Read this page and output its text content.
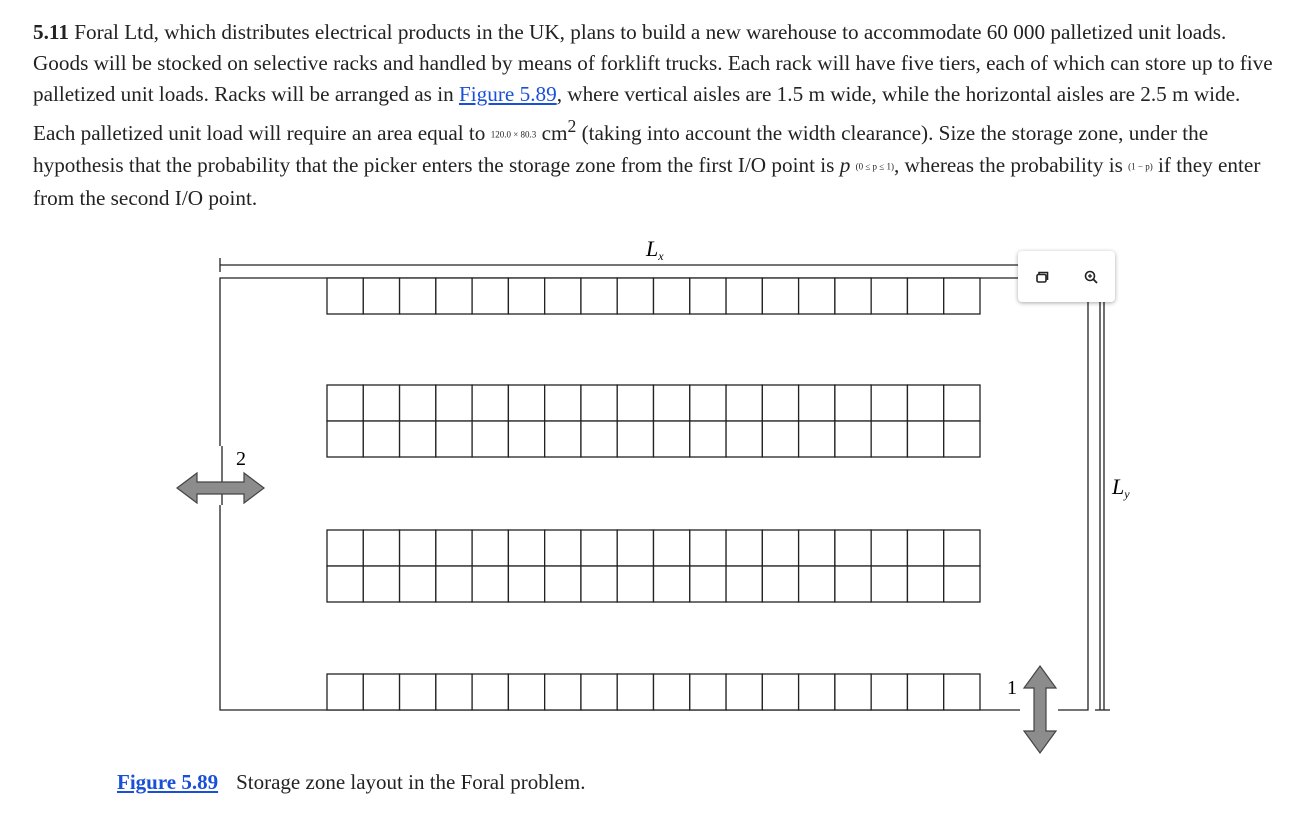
5.11 Foral Ltd, which distributes electrical products in the UK, plans to build a new warehouse to accommodate 60 000 palletized unit loads. Goods will be stocked on selective racks and handled by means of forklift trucks. Each rack will have five tiers, each of which can store up to five palletized unit loads. Racks will be arranged as in Figure 5.89, where vertical aisles are 1.5 m wide, while the horizontal aisles are 2.5 m wide. Each palletized unit load will require an area equal to 120.0 × 80.3 $cm^2$ (taking into account the width clearance). Size the storage zone, under the hypothesis that the probability that the picker enters the storage zone from the first I/O point is p (0 ≤ p ≤ 1), whereas the probability is (1 − p) if they enter from the second I/O point.

Lx
Ly
2
1

Figure 5.89 Storage zone layout in the Foral problem.
